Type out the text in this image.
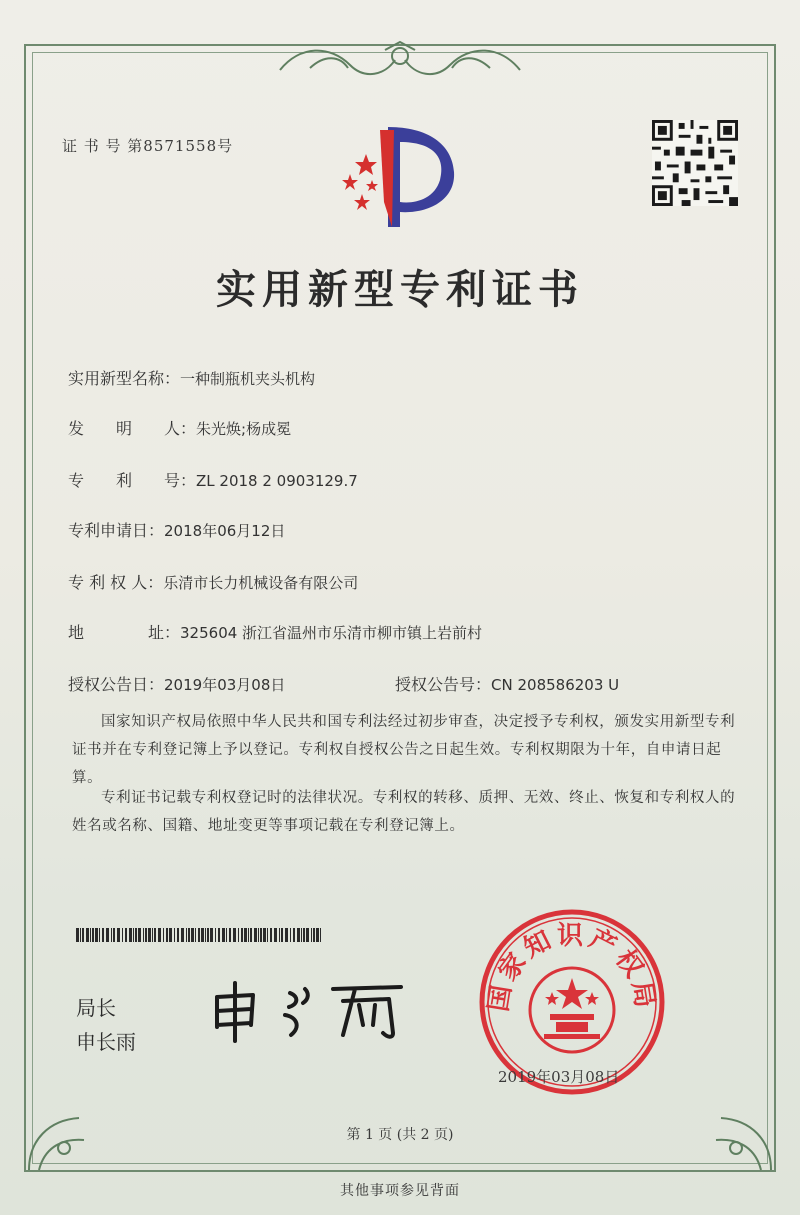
证 书 号 第8571558号
实用新型专利证书
实用新型名称：一种制瓶机夹头机构
发　　明　　人：朱光焕;杨成冕
专　　利　　号：ZL 2018 2 0903129.7
专利申请日：2018年06月12日
专 利 权 人：乐清市长力机械设备有限公司
地　　　　址：325604 浙江省温州市乐清市柳市镇上岩前村
授权公告日：2019年03月08日	授权公告号：CN 208586203 U
国家知识产权局依照中华人民共和国专利法经过初步审查，决定授予专利权，颁发实用新型专利证书并在专利登记簿上予以登记。专利权自授权公告之日起生效。专利权期限为十年，自申请日起算。
专利证书记载专利权登记时的法律状况。专利权的转移、质押、无效、终止、恢复和专利权人的姓名或名称、国籍、地址变更等事项记载在专利登记簿上。
局长
申长雨
国家知识产权局
2019年03月08日
第 1 页 (共 2 页)
其他事项参见背面
